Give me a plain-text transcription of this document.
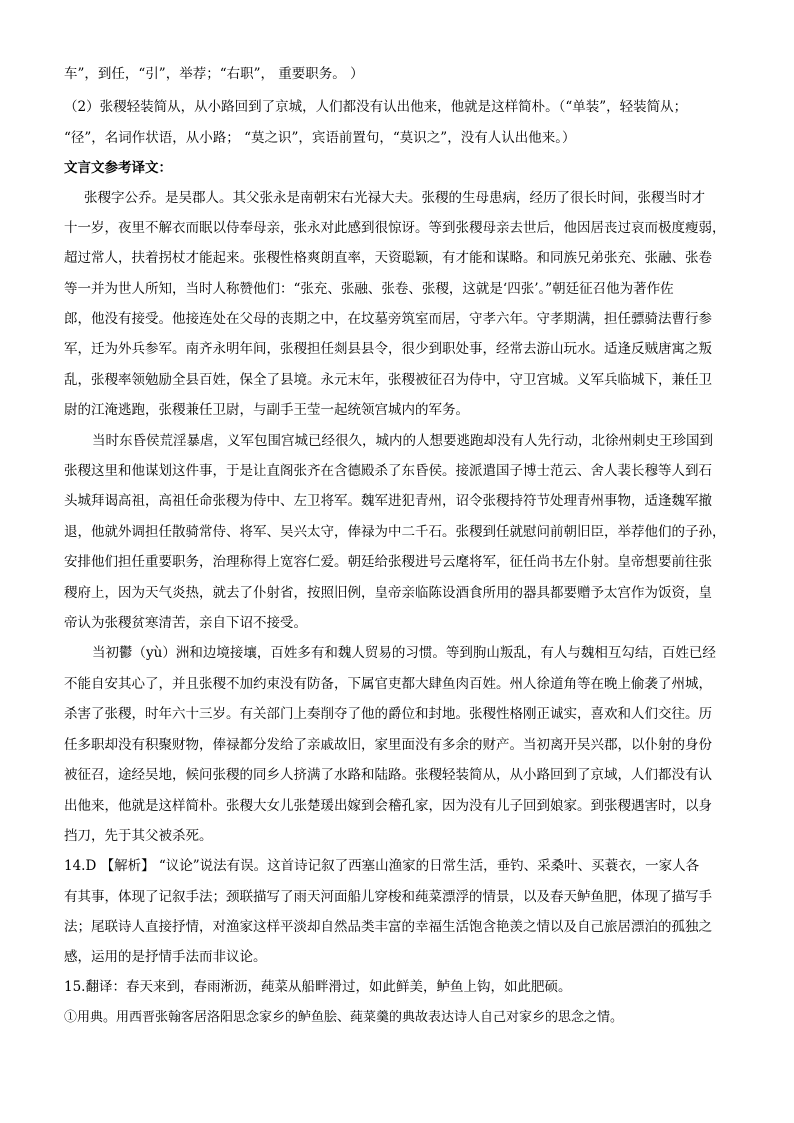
车”，到任，“引”，举荐；“右职”， 重要职务。 ）
（2）张稷轻装简从，从小路回到了京城，人们都没有认出他来，他就是这样简朴。（“单装”，轻装简从；
“径”，名词作状语，从小路； “莫之识”，宾语前置句，“莫识之”，没有人认出他来。）
文言文参考译文：
张稷字公乔。是吴郡人。其父张永是南朝宋右光禄大夫。张稷的生母患病，经历了很长时间，张稷当时才
十一岁，夜里不解衣而眠以侍奉母亲，张永对此感到很惊讶。等到张稷母亲去世后，他因居丧过哀而极度瘦弱，
超过常人，扶着拐杖才能起来。张稷性格爽朗直率，天资聪颖，有才能和谋略。和同族兄弟张充、张融、张卷
等一并为世人所知，当时人称赞他们：“张充、张融、张卷、张稷，这就是‘四张’。”朝廷征召他为著作佐
郎，他没有接受。他接连处在父母的丧期之中，在坟墓旁筑室而居，守孝六年。守孝期满，担任骠骑法曹行参
军，迁为外兵参军。南齐永明年间，张稷担任剡县县令，很少到职处事，经常去游山玩水。适逢反贼唐寓之叛
乱，张稷率领勉励全县百姓，保全了县境。永元末年，张稷被征召为侍中，守卫宫城。义军兵临城下，兼任卫
尉的江淹逃跑，张稷兼任卫尉，与副手王莹一起统领宫城内的军务。
当时东昏侯荒淫暴虐，义军包围宫城已经很久，城内的人想要逃跑却没有人先行动，北徐州刺史王珍国到
张稷这里和他谋划这件事，于是让直阁张齐在含德殿杀了东昏侯。接派遣国子博士范云、舍人裴长穆等人到石
头城拜谒高祖，高祖任命张稷为侍中、左卫将军。魏军进犯青州，诏令张稷持符节处理青州事物，适逢魏军撤
退，他就外调担任散骑常侍、将军、吴兴太守，俸禄为中二千石。张稷到任就慰问前朝旧臣，举荐他们的子孙，
安排他们担任重要职务，治理称得上宽容仁爱。朝廷给张稷进号云麾将军，征任尚书左仆射。皇帝想要前往张
稷府上，因为天气炎热，就去了仆射省，按照旧例，皇帝亲临陈设酒食所用的器具都要赠予太宫作为饭资，皇
帝认为张稷贫寒清苦，亲自下诏不接受。
当初鬱（yù）洲和边境接壤，百姓多有和魏人贸易的习惯。等到朐山叛乱，有人与魏相互勾结，百姓已经
不能自安其心了，并且张稷不加约束没有防备，下属官吏都大肆鱼肉百姓。州人徐道角等在晚上偷袭了州城，
杀害了张稷，时年六十三岁。有关部门上奏削夺了他的爵位和封地。张稷性格刚正诚实，喜欢和人们交往。历
任多职却没有积聚财物，俸禄都分发给了亲戚故旧，家里面没有多余的财产。当初离开吴兴郡，以仆射的身份
被征召，途经吴地，候问张稷的同乡人挤满了水路和陆路。张稷轻装简从，从小路回到了京域，人们都没有认
出他来，他就是这样简朴。张稷大女儿张楚瑗出嫁到会稽孔家，因为没有儿子回到娘家。到张稷遇害时，以身
挡刀，先于其父被杀死。
14.D 【解析】 “议论”说法有误。这首诗记叙了西塞山渔家的日常生活，垂钓、采桑叶、买蓑衣，一家人各
有其事，体现了记叙手法；颈联描写了雨天河面船儿穿梭和莼菜漂浮的情景，以及春天鲈鱼肥，体现了描写手
法；尾联诗人直接抒情，对渔家这样平淡却自然品类丰富的幸福生活饱含艳羡之情以及自己旅居漂泊的孤独之
感，运用的是抒情手法而非议论。
15.翻译：春天来到，春雨淅沥，莼菜从船畔滑过，如此鲜美，鲈鱼上钩，如此肥硕。
①用典。用西晋张翰客居洛阳思念家乡的鲈鱼脍、莼菜羹的典故表达诗人自己对家乡的思念之情。
